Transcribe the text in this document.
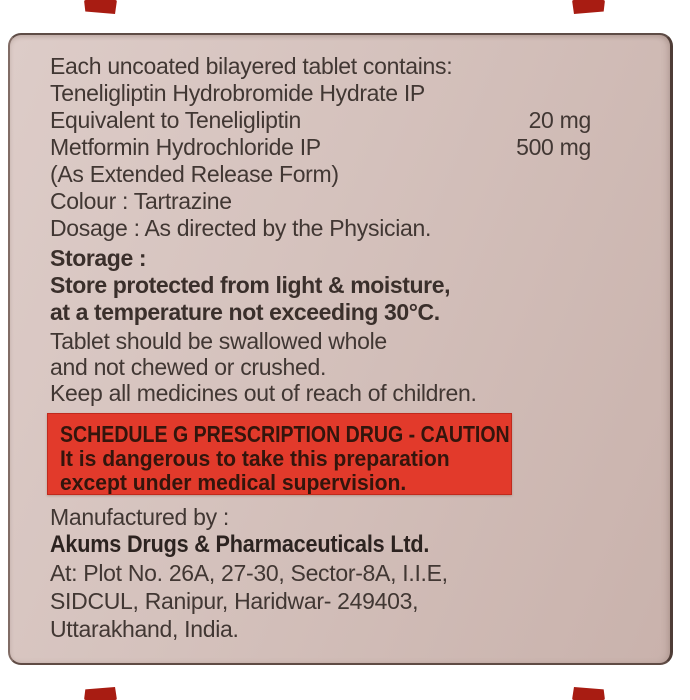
Each uncoated bilayered tablet contains:
Teneligliptin Hydrobromide Hydrate IP
Equivalent to Teneligliptin	20 mg
Metformin Hydrochloride IP	500 mg
(As Extended Release Form)
Colour : Tartrazine
Dosage : As directed by the Physician.
Storage :
Store protected from light & moisture,
at a temperature not exceeding 30°C.
Tablet should be swallowed whole
and not chewed or crushed.
Keep all medicines out of reach of children.
SCHEDULE G PRESCRIPTION DRUG - CAUTION
It is dangerous to take this preparation
except under medical supervision.
Manufactured by :
Akums Drugs & Pharmaceuticals Ltd.
At: Plot No. 26A, 27-30, Sector-8A, I.I.E,
SIDCUL, Ranipur, Haridwar- 249403,
Uttarakhand, India.
